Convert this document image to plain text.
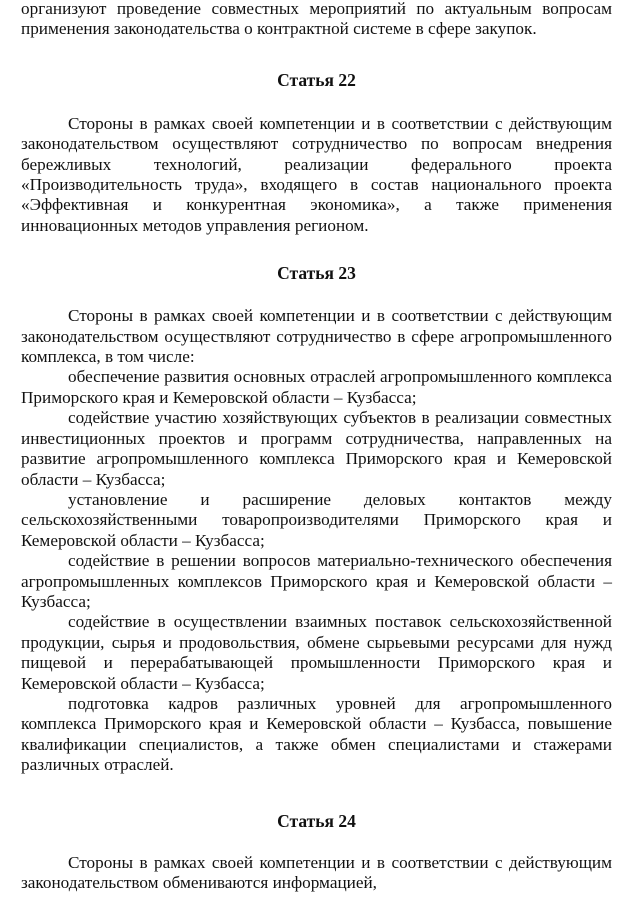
организуют проведение совместных мероприятий по актуальным вопросам применения законодательства о контрактной системе в сфере закупок.

Статья 22

Стороны в рамках своей компетенции и в соответствии с действующим законодательством осуществляют сотрудничество по вопросам внедрения бережливых технологий, реализации федерального проекта «Производительность труда», входящего в состав национального проекта «Эффективная и конкурентная экономика», а также применения инновационных методов управления регионом.

Статья 23

Стороны в рамках своей компетенции и в соответствии с действующим законодательством осуществляют сотрудничество в сфере агропромышленного комплекса, в том числе:

обеспечение развития основных отраслей агропромышленного комплекса Приморского края и Кемеровской области – Кузбасса;

содействие участию хозяйствующих субъектов в реализации совместных инвестиционных проектов и программ сотрудничества, направленных на развитие агропромышленного комплекса Приморского края и Кемеровской области – Кузбасса;

установление и расширение деловых контактов между сельскохозяйственными товаропроизводителями Приморского края и Кемеровской области – Кузбасса;

содействие в решении вопросов материально-технического обеспечения агропромышленных комплексов Приморского края и Кемеровской области – Кузбасса;

содействие в осуществлении взаимных поставок сельскохозяйственной продукции, сырья и продовольствия, обмене сырьевыми ресурсами для нужд пищевой и перерабатывающей промышленности Приморского края и Кемеровской области – Кузбасса;

подготовка кадров различных уровней для агропромышленного комплекса Приморского края и Кемеровской области – Кузбасса, повышение квалификации специалистов, а также обмен специалистами и стажерами различных отраслей.

Статья 24

Стороны в рамках своей компетенции и в соответствии с действующим законодательством обмениваются информацией,
